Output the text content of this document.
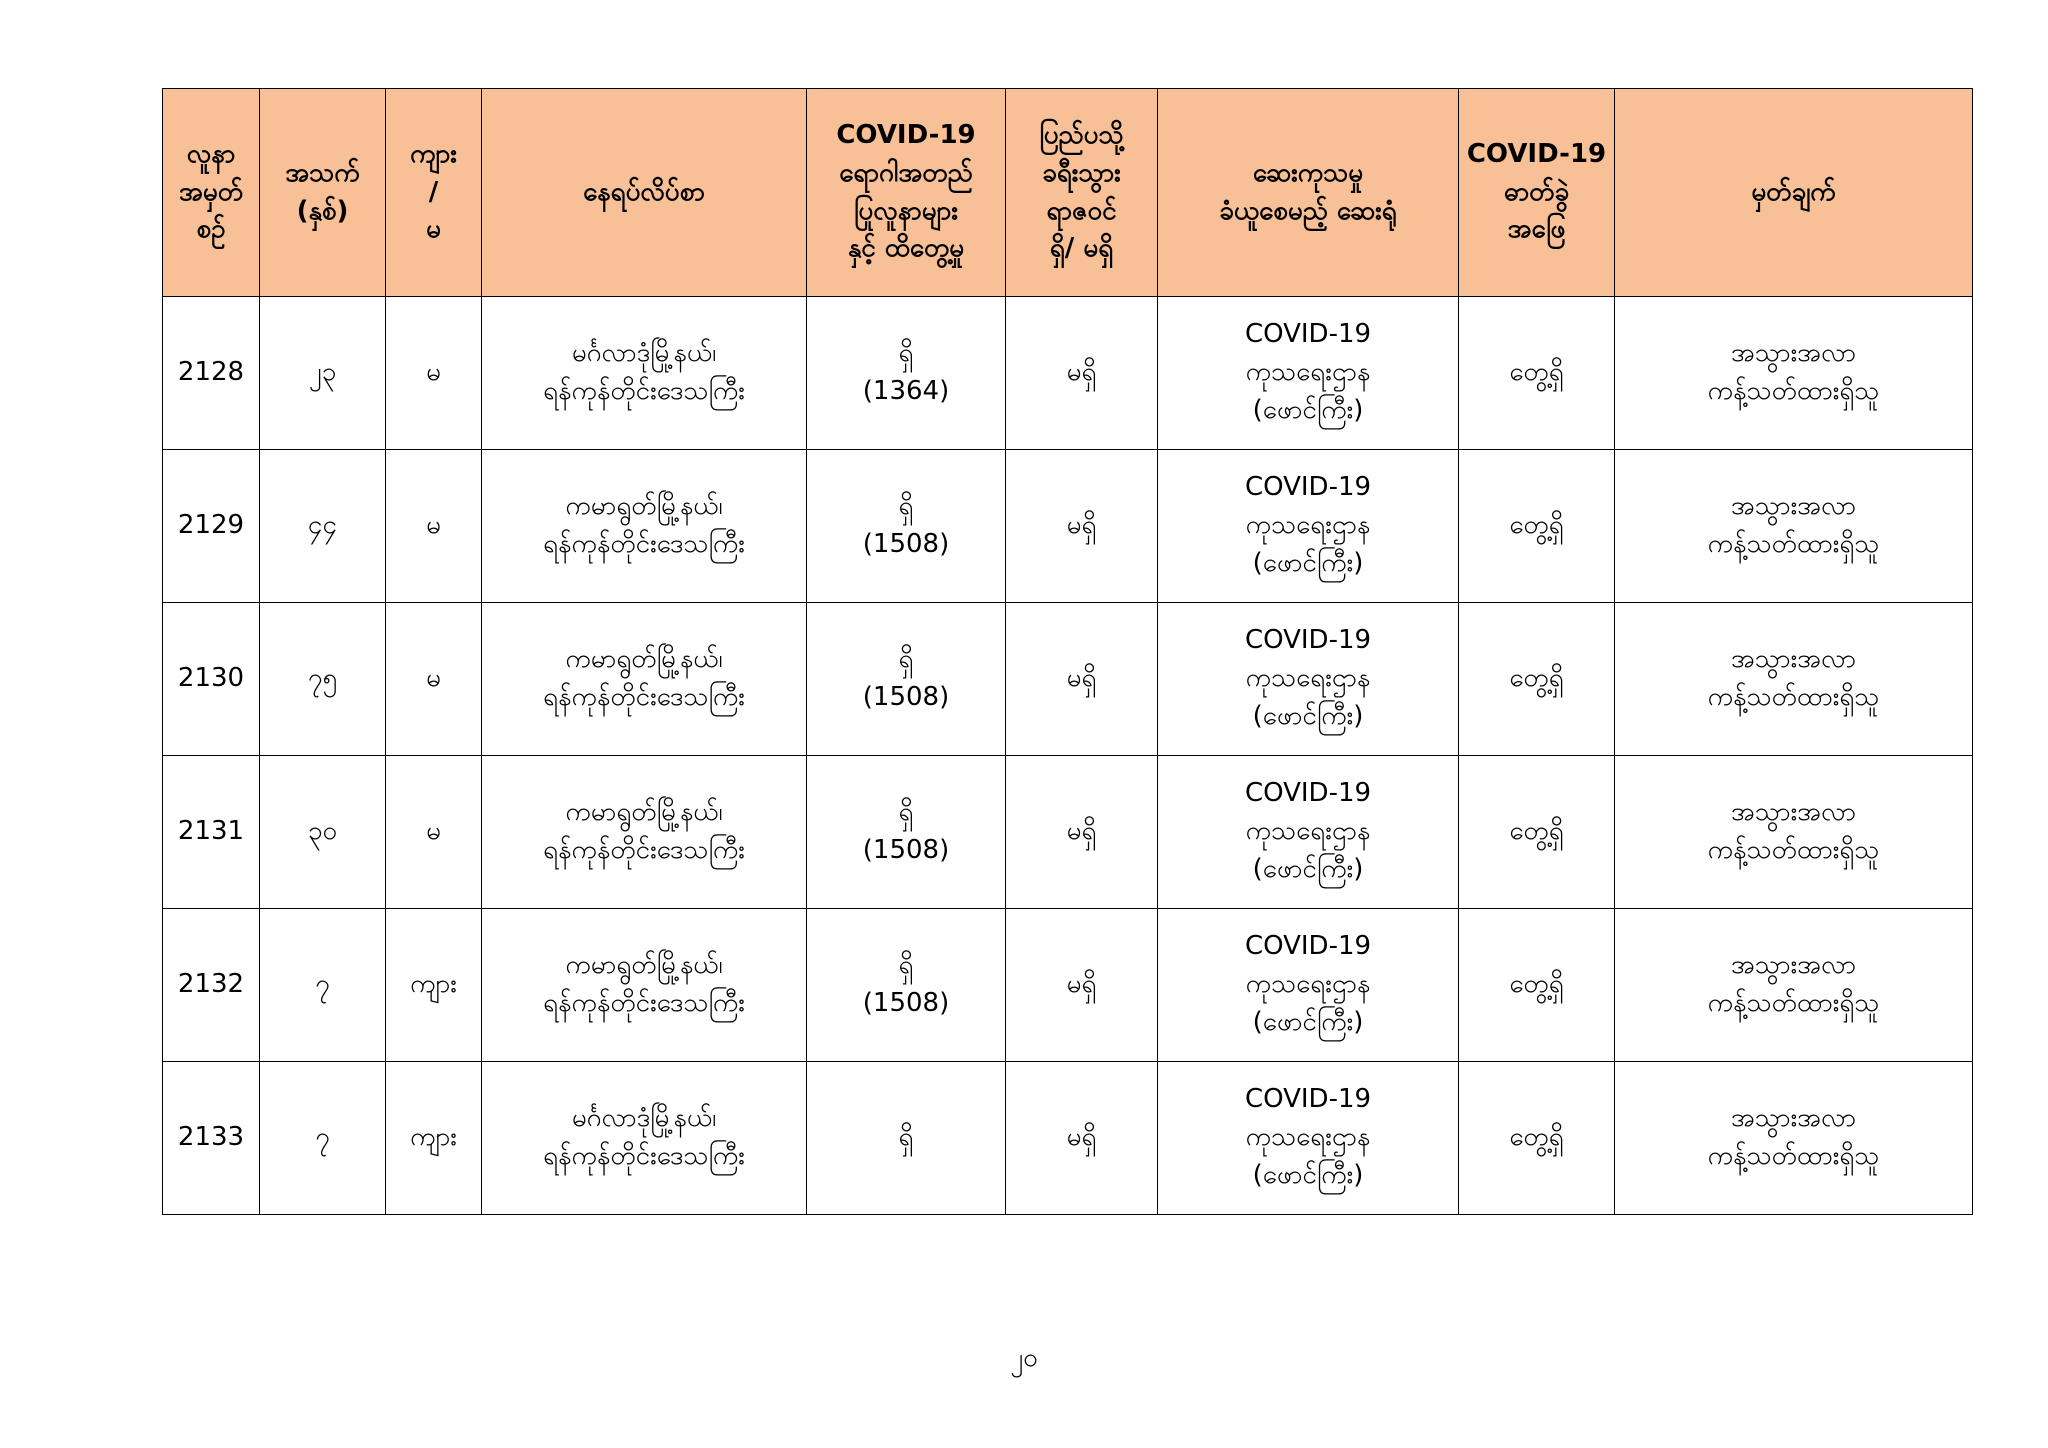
လူနာ
အမှတ်
စဉ်	အသက်
(နှစ်)	ကျား
/
မ	နေရပ်လိပ်စာ	COVID-19
ရောဂါအတည်
ပြုလူနာများ
နှင့် ထိတွေ့မှု	ပြည်ပသို့
ခရီးသွား
ရာဇဝင်
ရှိ/ မရှိ	ဆေးကုသမှု
ခံယူစေမည့် ဆေးရုံ	COVID-19
ဓာတ်ခွဲ
အဖြေ	မှတ်ချက်

2128	၂၃	မ	မင်္ဂလာဒုံမြို့နယ်၊
ရန်ကုန်တိုင်းဒေသကြီး	ရှိ
(1364)	မရှိ	COVID-19
ကုသရေးဌာန
(ဖောင်ကြီး)	တွေ့ရှိ	အသွားအလာ
ကန့်သတ်ထားရှိသူ

2129	၄၄	မ	ကမာရွတ်မြို့နယ်၊
ရန်ကုန်တိုင်းဒေသကြီး	ရှိ
(1508)	မရှိ	COVID-19
ကုသရေးဌာန
(ဖောင်ကြီး)	တွေ့ရှိ	အသွားအလာ
ကန့်သတ်ထားရှိသူ

2130	၇၅	မ	ကမာရွတ်မြို့နယ်၊
ရန်ကုန်တိုင်းဒေသကြီး	ရှိ
(1508)	မရှိ	COVID-19
ကုသရေးဌာန
(ဖောင်ကြီး)	တွေ့ရှိ	အသွားအလာ
ကန့်သတ်ထားရှိသူ

2131	၃၀	မ	ကမာရွတ်မြို့နယ်၊
ရန်ကုန်တိုင်းဒေသကြီး	ရှိ
(1508)	မရှိ	COVID-19
ကုသရေးဌာန
(ဖောင်ကြီး)	တွေ့ရှိ	အသွားအလာ
ကန့်သတ်ထားရှိသူ

2132	၇	ကျား	ကမာရွတ်မြို့နယ်၊
ရန်ကုန်တိုင်းဒေသကြီး	ရှိ
(1508)	မရှိ	COVID-19
ကုသရေးဌာန
(ဖောင်ကြီး)	တွေ့ရှိ	အသွားအလာ
ကန့်သတ်ထားရှိသူ

2133	၇	ကျား	မင်္ဂလာဒုံမြို့နယ်၊
ရန်ကုန်တိုင်းဒေသကြီး	ရှိ	မရှိ	COVID-19
ကုသရေးဌာန
(ဖောင်ကြီး)	တွေ့ရှိ	အသွားအလာ
ကန့်သတ်ထားရှိသူ
၂၀
